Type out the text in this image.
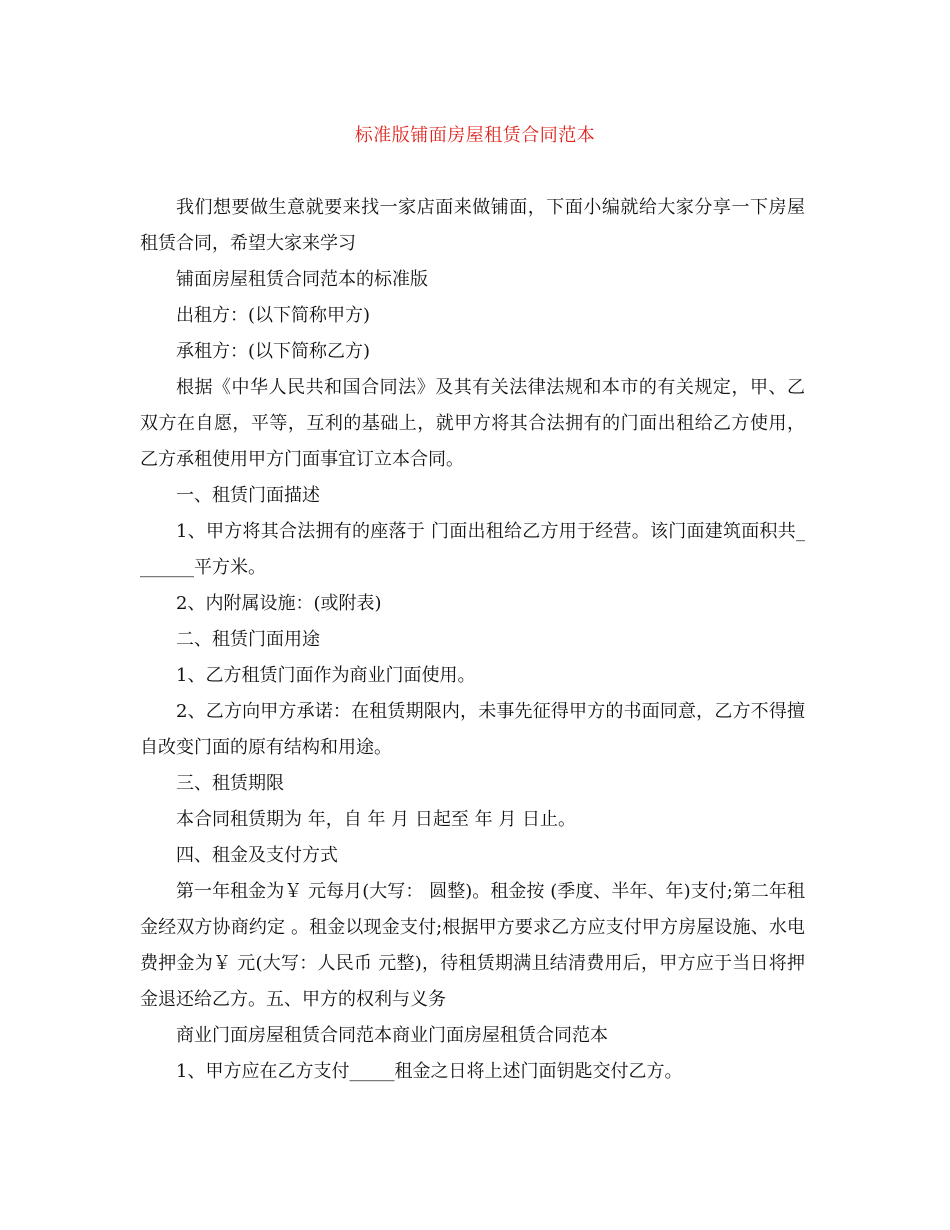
标准版铺面房屋租赁合同范本

我们想要做生意就要来找一家店面来做铺面，下面小编就给大家分享一下房屋租赁合同，希望大家来学习

铺面房屋租赁合同范本的标准版

出租方：(以下简称甲方)

承租方：(以下简称乙方)

根据《中华人民共和国合同法》及其有关法律法规和本市的有关规定，甲、乙双方在自愿，平等，互利的基础上，就甲方将其合法拥有的门面出租给乙方使用，乙方承租使用甲方门面事宜订立本合同。

一、租赁门面描述

1、甲方将其合法拥有的座落于 门面出租给乙方用于经营。该门面建筑面积共_______平方米。

2、内附属设施：(或附表)

二、租赁门面用途

1、乙方租赁门面作为商业门面使用。

2、乙方向甲方承诺：在租赁期限内，未事先征得甲方的书面同意，乙方不得擅自改变门面的原有结构和用途。

三、租赁期限

本合同租赁期为 年，自 年 月 日起至 年 月 日止。

四、租金及支付方式

第一年租金为￥ 元每月(大写： 圆整)。租金按 (季度、半年、年)支付;第二年租金经双方协商约定 。租金以现金支付;根据甲方要求乙方应支付甲方房屋设施、水电费押金为￥ 元(大写：人民币 元整)，待租赁期满且结清费用后，甲方应于当日将押金退还给乙方。五、甲方的权利与义务

商业门面房屋租赁合同范本商业门面房屋租赁合同范本

1、甲方应在乙方支付_____租金之日将上述门面钥匙交付乙方。
